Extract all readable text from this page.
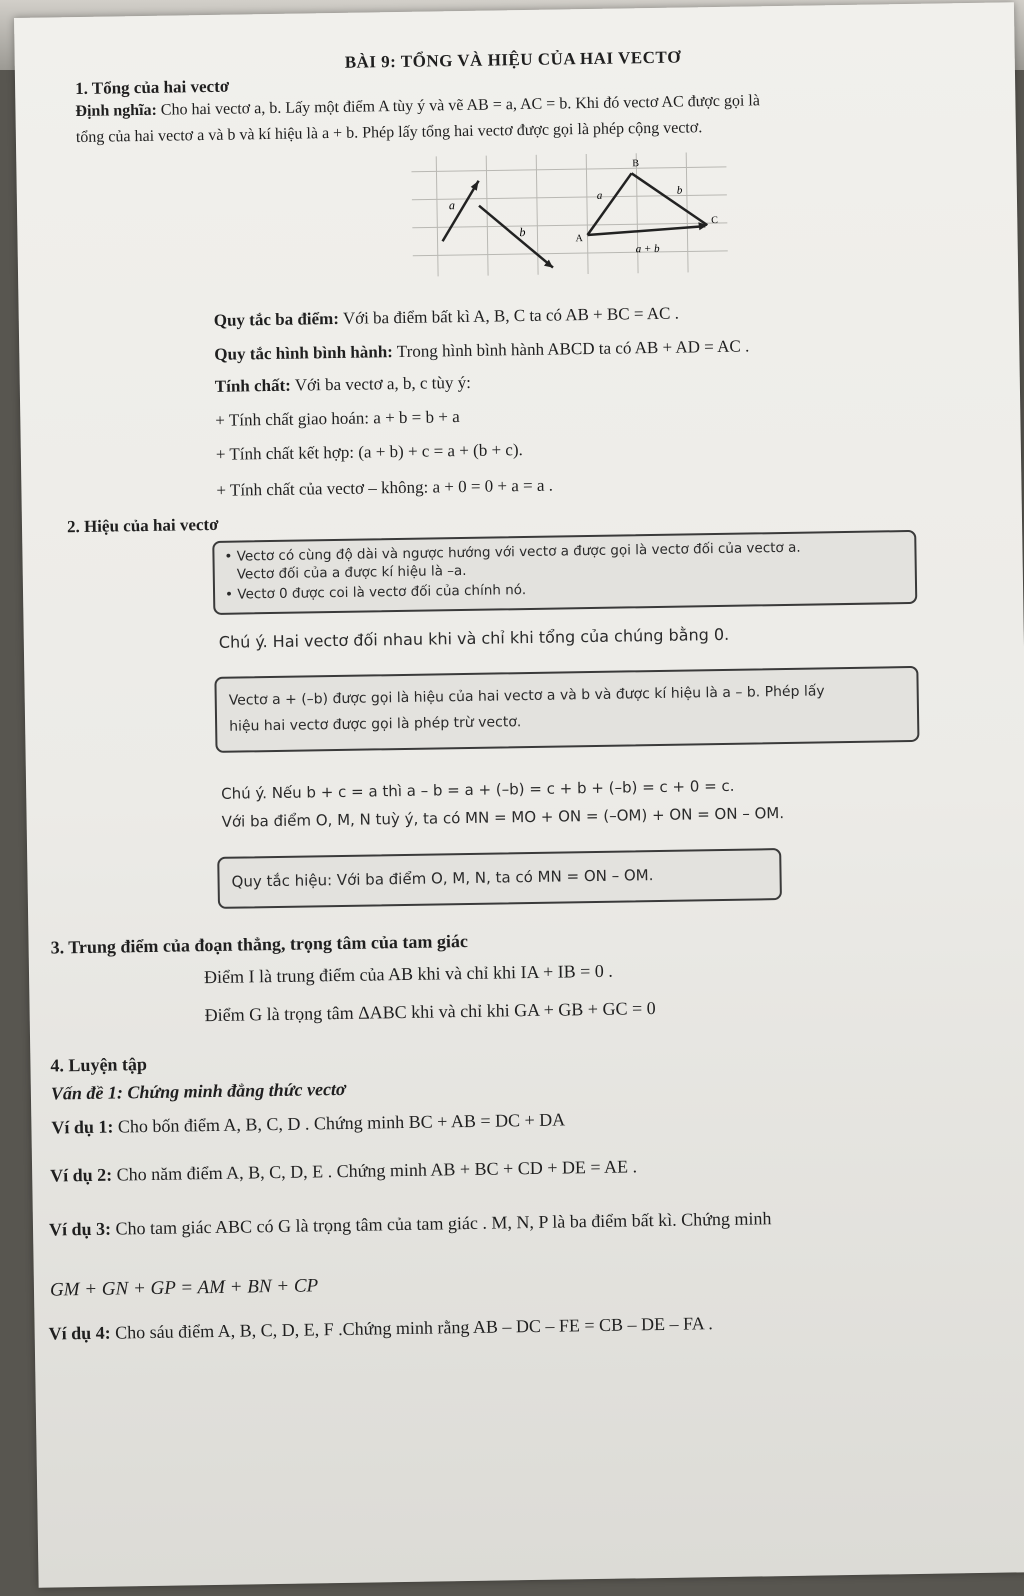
BÀI 9: TỔNG VÀ HIỆU CỦA HAI VECTƠ
1. Tổng của hai vectơ
Định nghĩa: Cho hai vectơ a, b. Lấy một điểm A tùy ý và vẽ AB = a, AC = b. Khi đó vectơ AC được gọi là
tổng của hai vectơ a và b và kí hiệu là a + b. Phép lấy tổng hai vectơ được gọi là phép cộng vectơ.
a
b	A
B
C
a	b
a + b
Quy tắc ba điểm: Với ba điểm bất kì A, B, C ta có AB + BC = AC .
Quy tắc hình bình hành: Trong hình bình hành ABCD ta có AB + AD = AC .
Tính chất: Với ba vectơ a, b, c tùy ý:
+ Tính chất giao hoán: a + b = b + a
+ Tính chất kết hợp: (a + b) + c = a + (b + c).
+ Tính chất của vectơ – không: a + 0 = 0 + a = a .
2. Hiệu của hai vectơ
• Vectơ có cùng độ dài và ngược hướng với vectơ a được gọi là vectơ đối của vectơ a.
Vectơ đối của a được kí hiệu là –a.
• Vectơ 0 được coi là vectơ đối của chính nó.
Chú ý. Hai vectơ đối nhau khi và chỉ khi tổng của chúng bằng 0.
Vectơ a + (–b) được gọi là hiệu của hai vectơ a và b và được kí hiệu là a – b. Phép lấy
hiệu hai vectơ được gọi là phép trừ vectơ.
Chú ý. Nếu b + c = a thì a – b = a + (–b) = c + b + (–b) = c + 0 = c.
Với ba điểm O, M, N tuỳ ý, ta có MN = MO + ON = (–OM) + ON = ON – OM.
Quy tắc hiệu: Với ba điểm O, M, N, ta có MN = ON – OM.
3. Trung điểm của đoạn thẳng, trọng tâm của tam giác
Điểm I là trung điểm của AB khi và chỉ khi IA + IB = 0 .
Điểm G là trọng tâm ΔABC khi và chỉ khi GA + GB + GC = 0
4. Luyện tập
Vấn đề 1: Chứng minh đẳng thức vectơ
Ví dụ 1: Cho bốn điểm A, B, C, D . Chứng minh BC + AB = DC + DA
Ví dụ 2: Cho năm điểm A, B, C, D, E . Chứng minh AB + BC + CD + DE = AE .
Ví dụ 3: Cho tam giác ABC có G là trọng tâm của tam giác . M, N, P là ba điểm bất kì. Chứng minh
GM + GN + GP = AM + BN + CP
Ví dụ 4: Cho sáu điểm A, B, C, D, E, F .Chứng minh rằng AB – DC – FE = CB – DE – FA .
